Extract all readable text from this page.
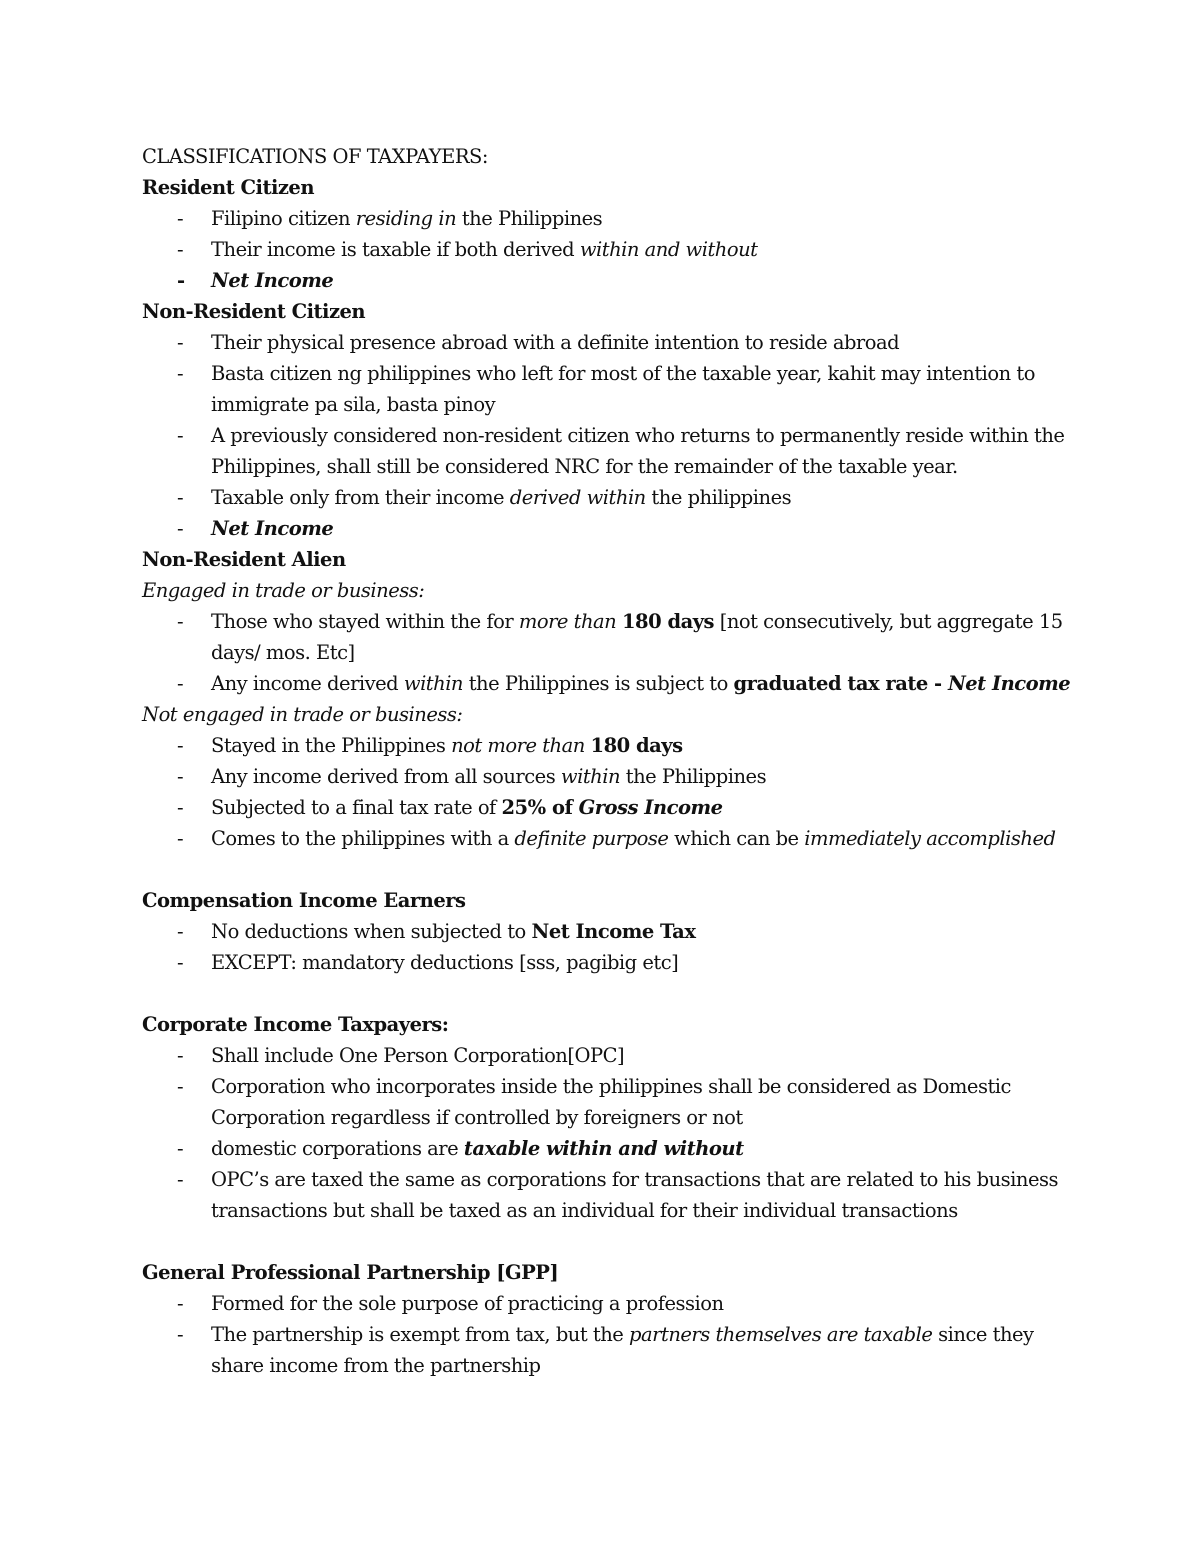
CLASSIFICATIONS OF TAXPAYERS:
Resident Citizen
- Filipino citizen residing in the Philippines
- Their income is taxable if both derived within and without
- Net Income
Non-Resident Citizen
- Their physical presence abroad with a definite intention to reside abroad
- Basta citizen ng philippines who left for most of the taxable year, kahit may intention to immigrate pa sila, basta pinoy
- A previously considered non-resident citizen who returns to permanently reside within the Philippines, shall still be considered NRC for the remainder of the taxable year.
- Taxable only from their income derived within the philippines
- Net Income
Non-Resident Alien
Engaged in trade or business:
- Those who stayed within the for more than 180 days [not consecutively, but aggregate 15 days/ mos. Etc]
- Any income derived within the Philippines is subject to graduated tax rate - Net Income
Not engaged in trade or business:
- Stayed in the Philippines not more than 180 days
- Any income derived from all sources within the Philippines
- Subjected to a final tax rate of 25% of Gross Income
- Comes to the philippines with a definite purpose which can be immediately accomplished
Compensation Income Earners
- No deductions when subjected to Net Income Tax
- EXCEPT: mandatory deductions [sss, pagibig etc]
Corporate Income Taxpayers:
- Shall include One Person Corporation[OPC]
- Corporation who incorporates inside the philippines shall be considered as Domestic Corporation regardless if controlled by foreigners or not
- domestic corporations are taxable within and without
- OPC’s are taxed the same as corporations for transactions that are related to his business transactions but shall be taxed as an individual for their individual transactions
General Professional Partnership [GPP]
- Formed for the sole purpose of practicing a profession
- The partnership is exempt from tax, but the partners themselves are taxable since they share income from the partnership
